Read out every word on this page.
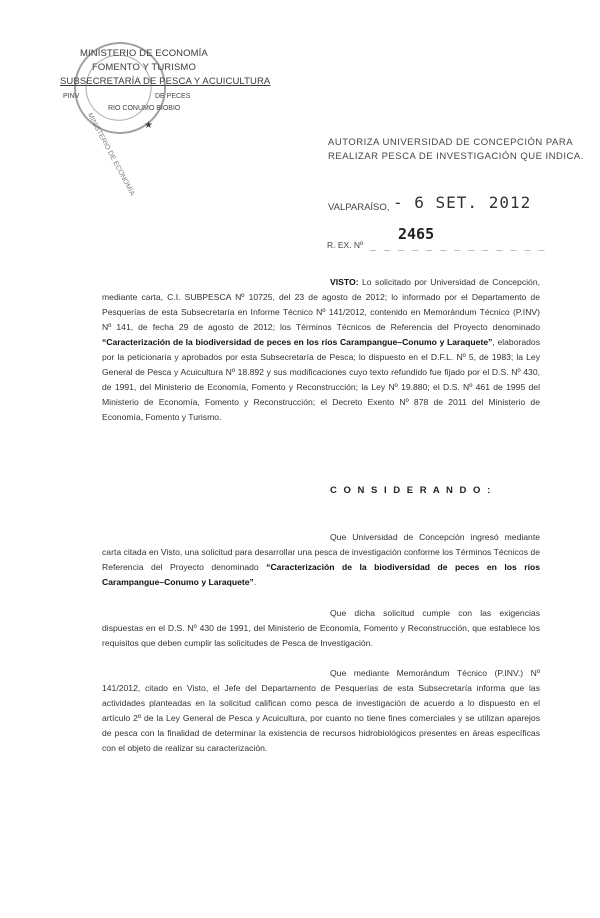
MINISTERIO DE ECONOMÍA
FOMENTO Y TURISMO
SUBSECRETARÍA DE PESCA Y ACUICULTURA
PINV	DE PECES
RIO CONUMO BIOBIO
MINISTERIO DE ECONOMÍA ★
AUTORIZA UNIVERSIDAD DE CONCEPCIÓN PARA
REALIZAR PESCA DE INVESTIGACIÓN QUE INDICA.
VALPARAÍSO, - 6 SET. 2012
R. EX. Nº
2465
_ _ _ _ _ _ _ _ _ _ _ _ _
VISTO: Lo solicitado por Universidad de Concepción, mediante carta, C.I. SUBPESCA Nº 10725, del 23 de agosto de 2012; lo informado por el Departamento de Pesquerías de esta Subsecretaría en Informe Técnico Nº 141/2012, contenido en Memorándum Técnico (P.INV) Nº 141, de fecha 29 de agosto de 2012; los Términos Técnicos de Referencia del Proyecto denominado “Caracterización de la biodiversidad de peces en los ríos Carampangue–Conumo y Laraquete”, elaborados por la peticionaria y aprobados por esta Subsecretaría de Pesca; lo dispuesto en el D.F.L. Nº 5, de 1983; la Ley General de Pesca y Acuicultura Nº 18.892 y sus modificaciones cuyo texto refundido fue fijado por el D.S. Nº 430, de 1991, del Ministerio de Economía, Fomento y Reconstrucción; la Ley Nº 19.880; el D.S. Nº 461 de 1995 del Ministerio de Economía, Fomento y Reconstrucción; el Decreto Exento Nº 878 de 2011 del Ministerio de Economía, Fomento y Turismo.
C O N S I D E R A N D O :
Que Universidad de Concepción ingresó mediante carta citada en Visto, una solicitud para desarrollar una pesca de investigación conforme los Términos Técnicos de Referencia del Proyecto denominado “Caracterización de la biodiversidad de peces en los ríos Carampangue–Conumo y Laraquete”.
Que dicha solicitud cumple con las exigencias dispuestas en el D.S. Nº 430 de 1991, del Ministerio de Economía, Fomento y Reconstrucción, que establece los requisitos que deben cumplir las solicitudes de Pesca de Investigación.
Que mediante Memorándum Técnico (P.INV.) Nº 141/2012, citado en Visto, el Jefe del Departamento de Pesquerías de esta Subsecretaría informa que las actividades planteadas en la solicitud califican como pesca de investigación de acuerdo a lo dispuesto en el artículo 2º de la Ley General de Pesca y Acuicultura, por cuanto no tiene fines comerciales y se utilizan aparejos de pesca con la finalidad de determinar la existencia de recursos hidrobiológicos presentes en áreas específicas con el objeto de realizar su caracterización.
